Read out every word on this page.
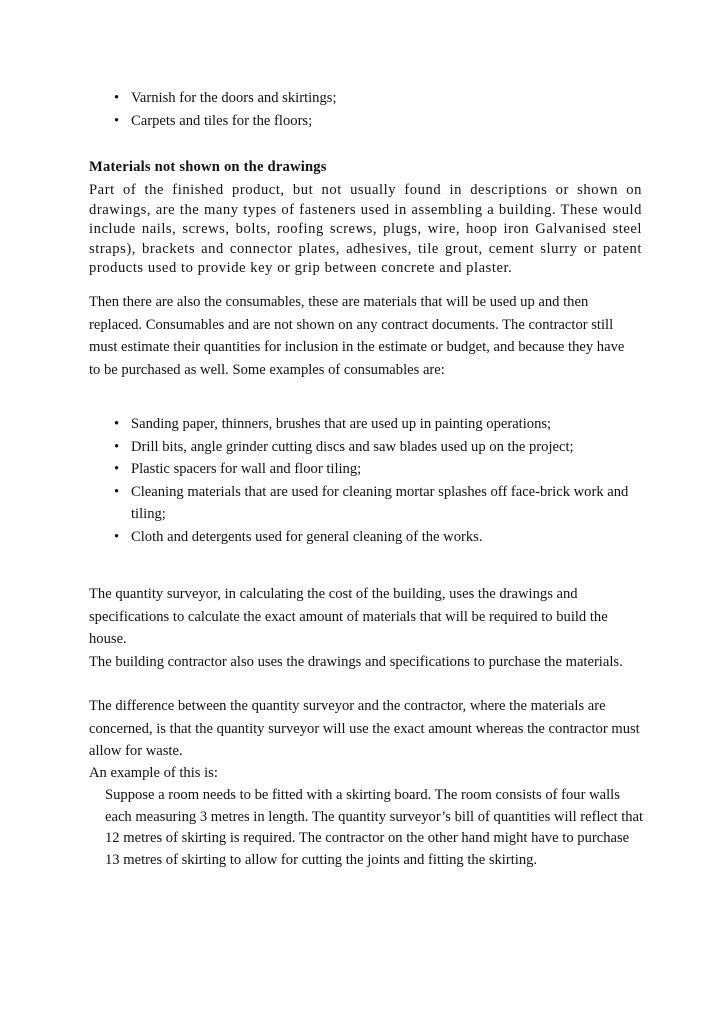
• Varnish for the doors and skirtings;
• Carpets and tiles for the floors;
Materials not shown on the drawings
Part of the finished product, but not usually found in descriptions or shown on drawings, are the many types of fasteners used in assembling a building. These would include nails, screws, bolts, roofing screws, plugs, wire, hoop iron Galvanised steel straps), brackets and connector plates, adhesives, tile grout, cement slurry or patent products used to provide key or grip between concrete and plaster.
Then there are also the consumables, these are materials that will be used up and then replaced. Consumables and are not shown on any contract documents. The contractor still must estimate their quantities for inclusion in the estimate or budget, and because they have to be purchased as well. Some examples of consumables are:
• Sanding paper, thinners, brushes that are used up in painting operations;
• Drill bits, angle grinder cutting discs and saw blades used up on the project;
• Plastic spacers for wall and floor tiling;
• Cleaning materials that are used for cleaning mortar splashes off face-brick work and tiling;
• Cloth and detergents used for general cleaning of the works.
The quantity surveyor, in calculating the cost of the building, uses the drawings and specifications to calculate the exact amount of materials that will be required to build the house.
The building contractor also uses the drawings and specifications to purchase the materials.
The difference between the quantity surveyor and the contractor, where the materials are concerned, is that the quantity surveyor will use the exact amount whereas the contractor must allow for waste.
An example of this is:
Suppose a room needs to be fitted with a skirting board. The room consists of four walls each measuring 3 metres in length. The quantity surveyor’s bill of quantities will reflect that 12 metres of skirting is required. The contractor on the other hand might have to purchase 13 metres of skirting to allow for cutting the joints and fitting the skirting.
